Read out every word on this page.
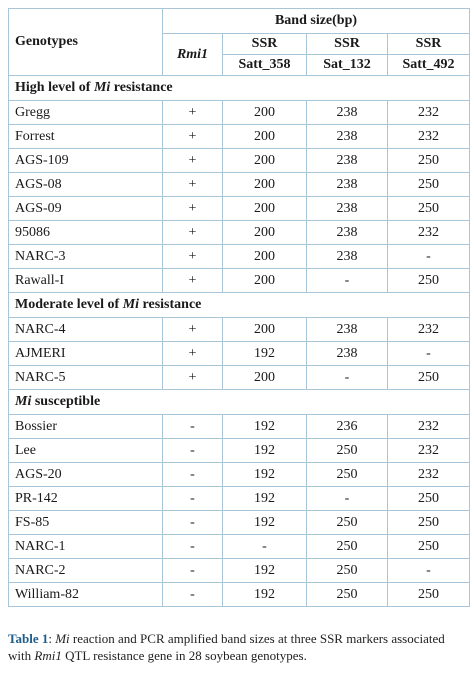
Genotypes	Band size(bp)			
	Rmi1	SSR	SSR	SSR
		Satt_358	Sat_132	Satt_492
High level of Mi resistance				
Gregg	+	200	238	232
Forrest	+	200	238	232
AGS-109	+	200	238	250
AGS-08	+	200	238	250
AGS-09	+	200	238	250
95086	+	200	238	232
NARC-3	+	200	238	-
Rawall-I	+	200	-	250
Moderate level of Mi resistance				
NARC-4	+	200	238	232
AJMERI	+	192	238	-
NARC-5	+	200	-	250
Mi susceptible				
Bossier	-	192	236	232
Lee	-	192	250	232
AGS-20	-	192	250	232
PR-142	-	192	-	250
FS-85	-	192	250	250
NARC-1	-	-	250	250
NARC-2	-	192	250	-
William-82	-	192	250	250
Table 1: Mi reaction and PCR amplified band sizes at three SSR markers associated with Rmi1 QTL resistance gene in 28 soybean genotypes.
